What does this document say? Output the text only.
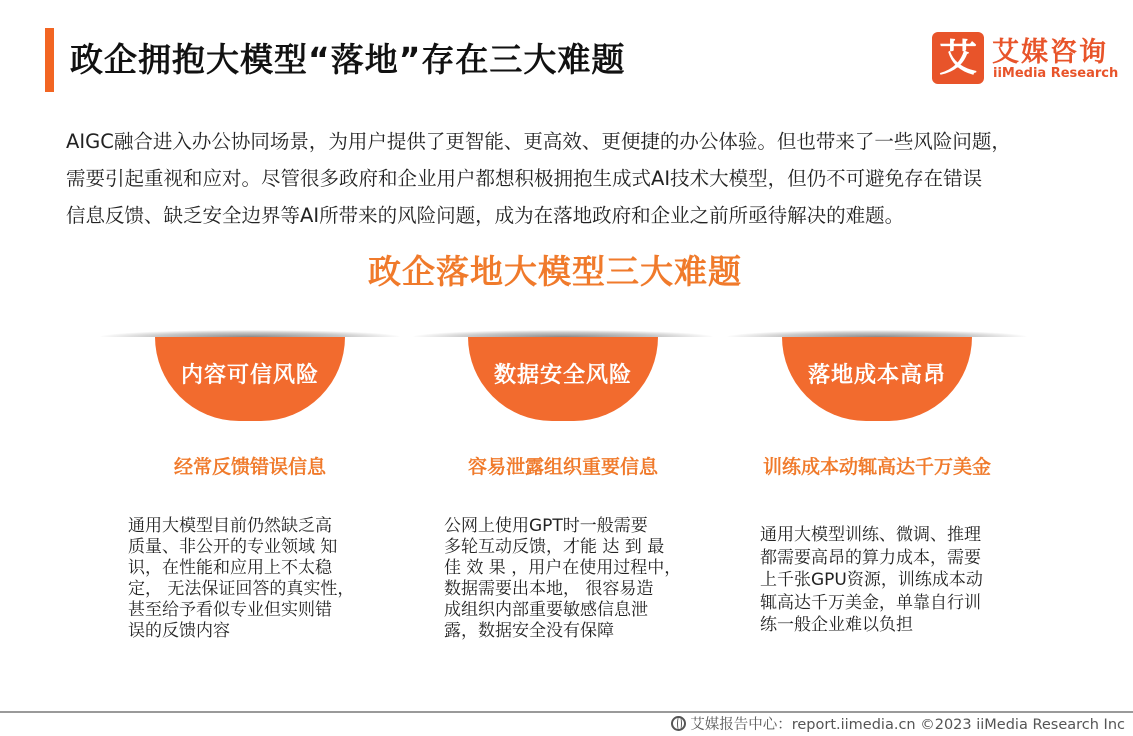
政企拥抱大模型“落地”存在三大难题	艾 艾媒咨询
iiMedia Research

AIGC融合进入办公协同场景，为用户提供了更智能、更高效、更便捷的办公体验。但也带来了一些风险问题，

需要引起重视和应对。尽管很多政府和企业用户都想积极拥抱生成式AI技术大模型，但仍不可避免存在错误

信息反馈、缺乏安全边界等AI所带来的风险问题，成为在落地政府和企业之前所亟待解决的难题。

政企落地大模型三大难题
内容可信风险
经常反馈错误信息

通用大模型目前仍然缺乏高

质量、非公开的专业领域 知

识，在性能和应用上不太稳

定， 无法保证回答的真实性，

甚至给予看似专业但实则错

误的反馈内容

数据安全风险
容易泄露组织重要信息

公网上使用GPT时一般需要

多轮互动反馈，才能 达 到 最

佳 效 果 ，用户在使用过程中，

数据需要出本地， 很容易造

成组织内部重要敏感信息泄

露，数据安全没有保障

落地成本高昂
训练成本动辄高达千万美金

通用大模型训练、微调、推理

都需要高昂的算力成本，需要

上千张GPU资源，训练成本动

辄高达千万美金，单靠自行训

练一般企业难以负担

艾媒报告中心：report.iimedia.cn ©2023 iiMedia Research Inc
